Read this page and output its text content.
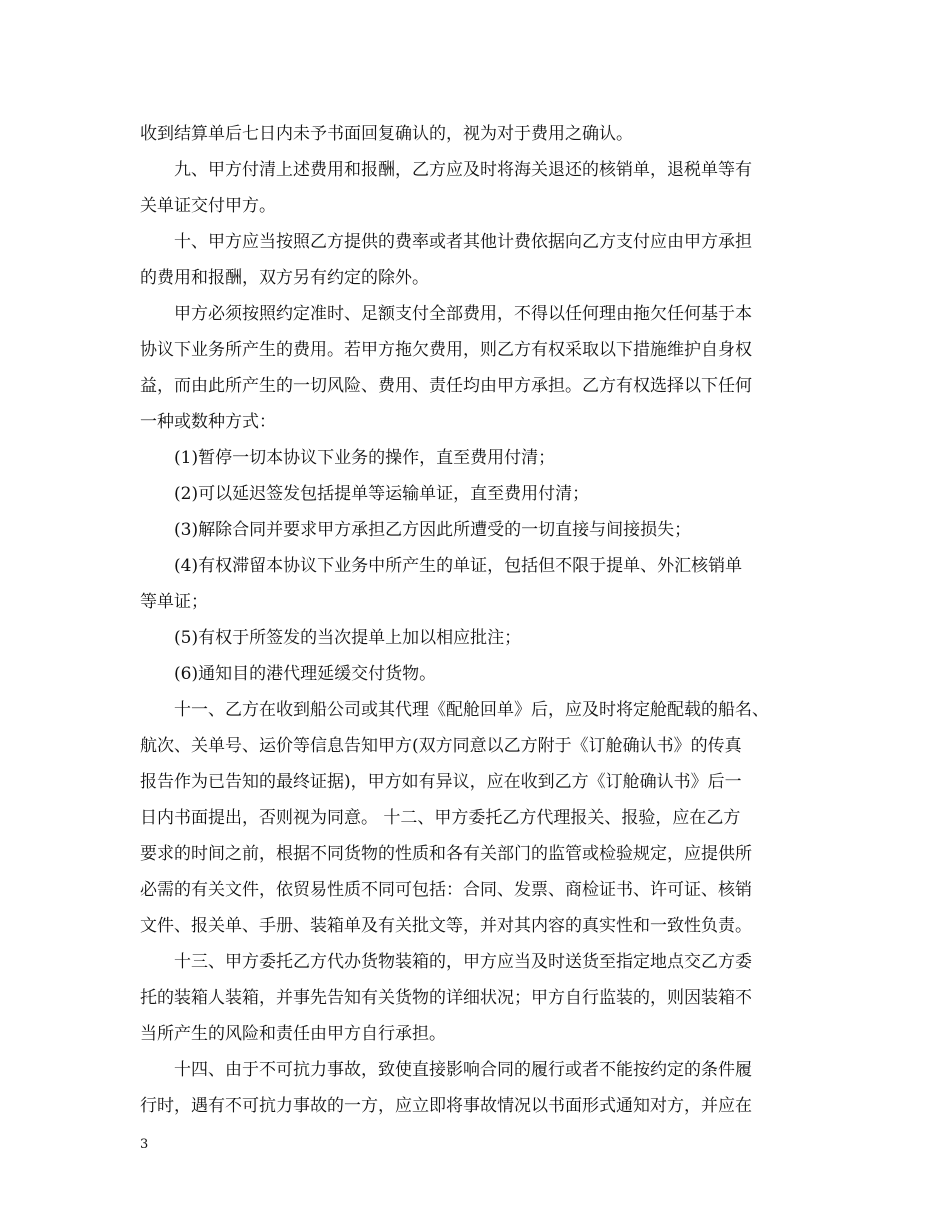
收到结算单后七日内未予书面回复确认的，视为对于费用之确认。

九、甲方付清上述费用和报酬，乙方应及时将海关退还的核销单，退税单等有

关单证交付甲方。

十、甲方应当按照乙方提供的费率或者其他计费依据向乙方支付应由甲方承担

的费用和报酬，双方另有约定的除外。

甲方必须按照约定准时、足额支付全部费用，不得以任何理由拖欠任何基于本

协议下业务所产生的费用。若甲方拖欠费用，则乙方有权采取以下措施维护自身权

益，而由此所产生的一切风险、费用、责任均由甲方承担。乙方有权选择以下任何

一种或数种方式：

(1)暂停一切本协议下业务的操作，直至费用付清；

(2)可以延迟签发包括提单等运输单证，直至费用付清；

(3)解除合同并要求甲方承担乙方因此所遭受的一切直接与间接损失；

(4)有权滞留本协议下业务中所产生的单证，包括但不限于提单、外汇核销单

等单证；

(5)有权于所签发的当次提单上加以相应批注；

(6)通知目的港代理延缓交付货物。

十一、乙方在收到船公司或其代理《配舱回单》后，应及时将定舱配载的船名、

航次、关单号、运价等信息告知甲方(双方同意以乙方附于《订舱确认书》的传真

报告作为已告知的最终证据)，甲方如有异议，应在收到乙方《订舱确认书》后一

日内书面提出，否则视为同意。 十二、甲方委托乙方代理报关、报验，应在乙方

要求的时间之前，根据不同货物的性质和各有关部门的监管或检验规定，应提供所

必需的有关文件，依贸易性质不同可包括：合同、发票、商检证书、许可证、核销

文件、报关单、手册、装箱单及有关批文等，并对其内容的真实性和一致性负责。

十三、甲方委托乙方代办货物装箱的，甲方应当及时送货至指定地点交乙方委

托的装箱人装箱，并事先告知有关货物的详细状况；甲方自行监装的，则因装箱不

当所产生的风险和责任由甲方自行承担。

十四、由于不可抗力事故，致使直接影响合同的履行或者不能按约定的条件履

行时，遇有不可抗力事故的一方，应立即将事故情况以书面形式通知对方，并应在

3
